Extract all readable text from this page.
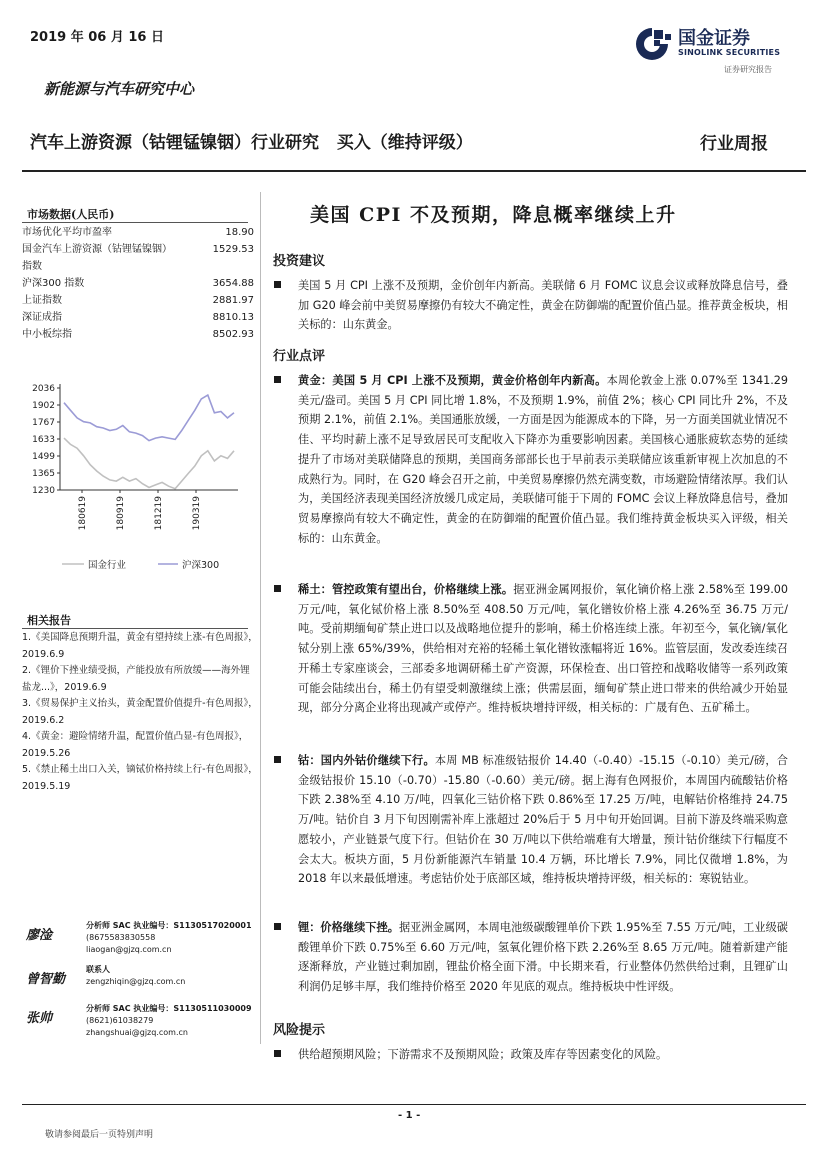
2019 年 06 月 16 日	国金证券
SINOLINK SECURITIES
证券研究报告
新能源与汽车研究中心
汽车上游资源（钴锂锰镍铟）行业研究   买入（维持评级）	行业周报
市场数据(人民币)
市场优化平均市盈率	18.90
国金汽车上游资源（钴锂锰镍铟）指数
1529.53
沪深300 指数	3654.88
上证指数	2881.97
深证成指	8810.13
中小板综指	8502.93
2036
1902
1767
1633
1499
1365
1230
180619	180919	181219	190319
国金行业	沪深300
相关报告
1.《美国降息预期升温，黄金有望持续上涨-有色周报》，2019.6.9
2.《锂价下挫业绩受损，产能投放有所放缓——海外锂盐龙...》，2019.6.9
3.《贸易保护主义抬头，黄金配置价值提升-有色周报》，2019.6.2
4.《黄金：避险情绪升温，配置价值凸显-有色周报》，2019.5.26
5.《禁止稀土出口入关，镝铽价格持续上行-有色周报》，2019.5.19
廖淦
分析师 SAC 执业编号：S1130517020001
(8675583830558
liaogan@gjzq.com.cn
曾智勤
联系人
zengzhiqin@gjzq.com.cn
张帅
分析师 SAC 执业编号：S1130511030009
(8621)61038279
zhangshuai@gjzq.com.cn
美国 CPI 不及预期，降息概率继续上升
投资建议
美国 5 月 CPI 上涨不及预期，金价创年内新高。美联储 6 月 FOMC 议息会议或释放降息信号，叠加 G20 峰会前中美贸易摩擦仍有较大不确定性，黄金在防御端的配置价值凸显。推荐黄金板块，相关标的：山东黄金。
行业点评
黄金：美国 5 月 CPI 上涨不及预期，黄金价格创年内新高。本周伦敦金上涨 0.07%至 1341.29 美元/盎司。美国 5 月 CPI 同比增 1.8%，不及预期 1.9%，前值 2%；核心 CPI 同比升 2%，不及预期 2.1%，前值 2.1%。美国通胀放缓，一方面是因为能源成本的下降，另一方面美国就业情况不佳、平均时薪上涨不足导致居民可支配收入下降亦为重要影响因素。美国核心通胀疲软态势的延续提升了市场对美联储降息的预期，美国商务部部长也于早前表示美联储应该重新审视上次加息的不成熟行为。同时，在 G20 峰会召开之前，中美贸易摩擦仍然充满变数，市场避险情绪浓厚。我们认为，美国经济表现美国经济放缓几成定局，美联储可能于下周的 FOMC 会议上释放降息信号，叠加贸易摩擦尚有较大不确定性，黄金的在防御端的配置价值凸显。我们维持黄金板块买入评级，相关标的：山东黄金。
稀土：管控政策有望出台，价格继续上涨。据亚洲金属网报价，氧化镝价格上涨 2.58%至 199.00 万元/吨，氧化铽价格上涨 8.50%至 408.50 万元/吨，氧化镨钕价格上涨 4.26%至 36.75 万元/吨。受前期缅甸矿禁止进口以及战略地位提升的影响，稀土价格连续上涨。年初至今，氧化镝/氧化铽分别上涨 65%/39%，供给相对充裕的轻稀土氧化镨钕涨幅将近 16%。监管层面，发改委连续召开稀土专家座谈会，三部委多地调研稀土矿产资源，环保检查、出口管控和战略收储等一系列政策可能会陆续出台，稀土仍有望受刺激继续上涨；供需层面，缅甸矿禁止进口带来的供给减少开始显现，部分分离企业将出现减产或停产。维持板块增持评级，相关标的：广晟有色、五矿稀土。
钴：国内外钴价继续下行。本周 MB 标准级钴报价 14.40（-0.40）-15.15（-0.10）美元/磅，合金级钴报价 15.10（-0.70）-15.80（-0.60）美元/磅。据上海有色网报价，本周国内硫酸钴价格下跌 2.38%至 4.10 万/吨，四氧化三钴价格下跌 0.86%至 17.25 万/吨，电解钴价格维持 24.75 万/吨。钴价自 3 月下旬因刚需补库上涨超过 20%后于 5 月中旬开始回调。目前下游及终端采购意愿较小，产业链景气度下行。但钴价在 30 万/吨以下供给端难有大增量，预计钴价继续下行幅度不会太大。板块方面，5 月份新能源汽车销量 10.4 万辆，环比增长 7.9%，同比仅微增 1.8%，为 2018 年以来最低增速。考虑钴价处于底部区域，维持板块增持评级，相关标的：寒锐钴业。
锂：价格继续下挫。据亚洲金属网，本周电池级碳酸锂单价下跌 1.95%至 7.55 万元/吨，工业级碳酸锂单价下跌 0.75%至 6.60 万元/吨，氢氧化锂价格下跌 2.26%至 8.65 万元/吨。随着新建产能逐渐释放，产业链过剩加剧，锂盐价格全面下滑。中长期来看，行业整体仍然供给过剩，且锂矿山利润仍足够丰厚，我们维持价格至 2020 年见底的观点。维持板块中性评级。
风险提示
供给超预期风险；下游需求不及预期风险；政策及库存等因素变化的风险。
- 1 -
敬请参阅最后一页特别声明
